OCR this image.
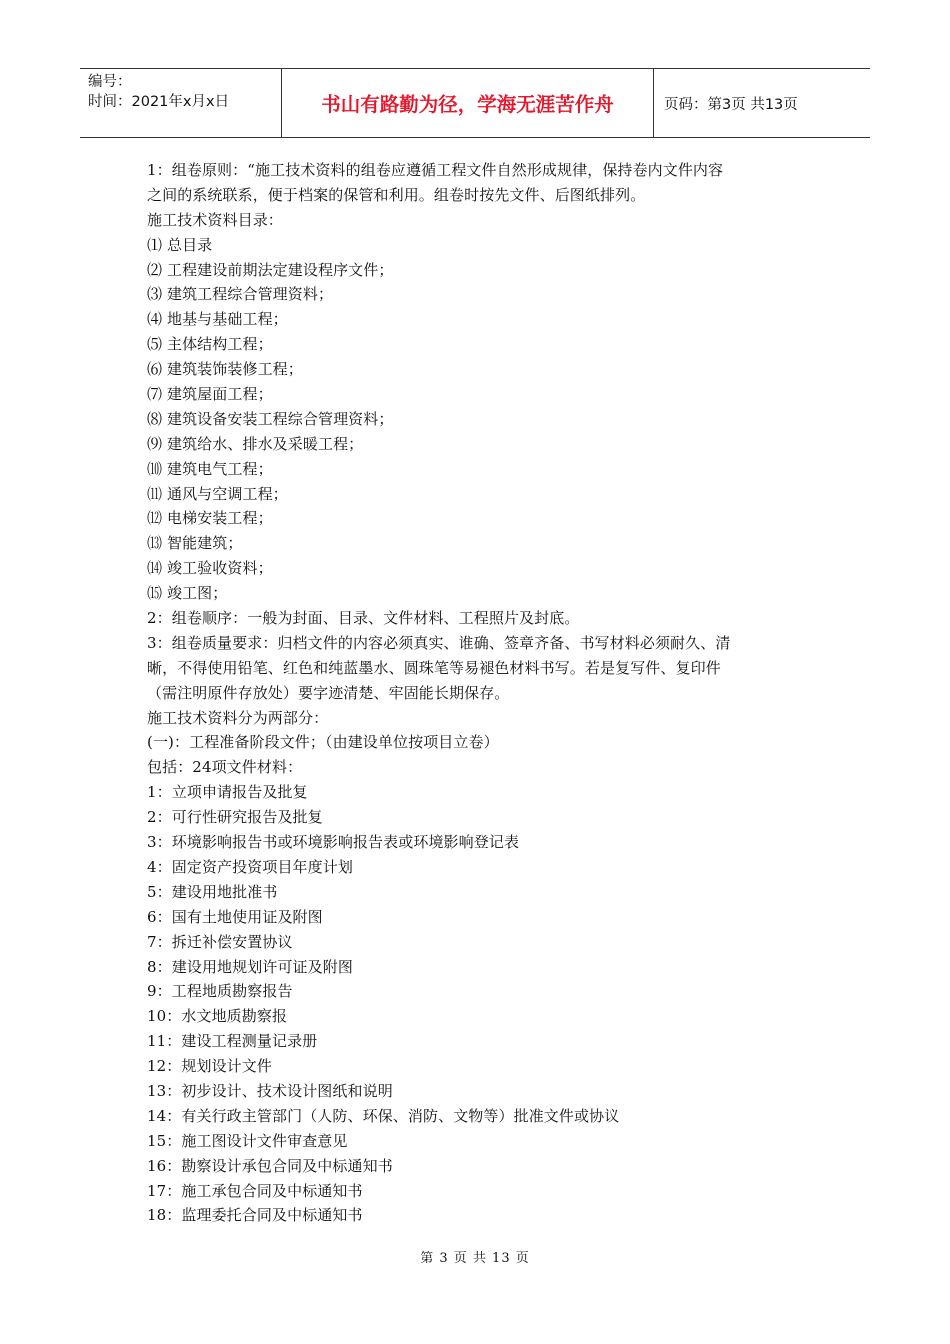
编号：
时间：2021年x月x日	书山有路勤为径，学海无涯苦作舟	页码：第3页 共13页
1：组卷原则：“施工技术资料的组卷应遵循工程文件自然形成规律，保持卷内文件内容
之间的系统联系，便于档案的保管和利用。组卷时按先文件、后图纸排列。
施工技术资料目录：
⑴ 总目录
⑵ 工程建设前期法定建设程序文件；
⑶ 建筑工程综合管理资料；
⑷ 地基与基础工程；
⑸ 主体结构工程；
⑹ 建筑装饰装修工程；
⑺ 建筑屋面工程；
⑻ 建筑设备安装工程综合管理资料；
⑼ 建筑给水、排水及采暖工程；
⑽ 建筑电气工程；
⑾ 通风与空调工程；
⑿ 电梯安装工程；
⒀ 智能建筑；
⒁ 竣工验收资料；
⒂ 竣工图；
2：组卷顺序：一般为封面、目录、文件材料、工程照片及封底。
3：组卷质量要求：归档文件的内容必须真实、谁确、签章齐备、书写材料必须耐久、清
晰，不得使用铅笔、红色和纯蓝墨水、圆珠笔等易褪色材料书写。若是复写件、复印件
（需注明原件存放处）要字迹清楚、牢固能长期保存。
施工技术资料分为两部分：
(一)：工程准备阶段文件；（由建设单位按项目立卷）
包括：24项文件材料：
1：立项申请报告及批复
2：可行性研究报告及批复
3：环境影响报告书或环境影响报告表或环境影响登记表
4：固定资产投资项目年度计划
5：建设用地批准书
6：国有土地使用证及附图
7：拆迁补偿安置协议
8：建设用地规划许可证及附图
9：工程地质勘察报告
10：水文地质勘察报
11：建设工程测量记录册
12：规划设计文件
13：初步设计、技术设计图纸和说明
14：有关行政主管部门（人防、环保、消防、文物等）批准文件或协议
15：施工图设计文件审查意见
16：勘察设计承包合同及中标通知书
17：施工承包合同及中标通知书
18：监理委托合同及中标通知书
第 3 页 共 13 页
